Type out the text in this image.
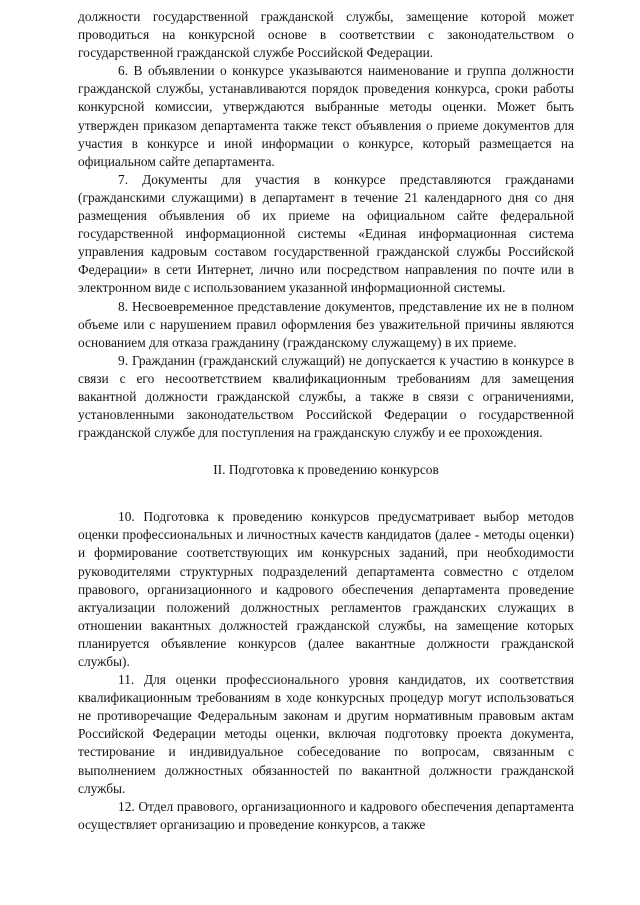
должности государственной гражданской службы, замещение которой может проводиться на конкурсной основе в соответствии с законодательством о государственной гражданской службе Российской Федерации.

6. В объявлении о конкурсе указываются наименование и группа должности гражданской службы, устанавливаются порядок проведения конкурса, сроки работы конкурсной комиссии, утверждаются выбранные методы оценки. Может быть утвержден приказом департамента также текст объявления о приеме документов для участия в конкурсе и иной информации о конкурсе, который размещается на официальном сайте департамента.

7. Документы для участия в конкурсе представляются гражданами (гражданскими служащими) в департамент в течение 21 календарного дня со дня размещения объявления об их приеме на официальном сайте федеральной государственной информационной системы «Единая информационная система управления кадровым составом государственной гражданской службы Российской Федерации» в сети Интернет, лично или посредством направления по почте или в электронном виде с использованием указанной информационной системы.

8. Несвоевременное представление документов, представление их не в полном объеме или с нарушением правил оформления без уважительной причины являются основанием для отказа гражданину (гражданскому служащему) в их приеме.

9. Гражданин (гражданский служащий) не допускается к участию в конкурсе в связи с его несоответствием квалификационным требованиям для замещения вакантной должности гражданской службы, а также в связи с ограничениями, установленными законодательством Российской Федерации о государственной гражданской службе для поступления на гражданскую службу и ее прохождения.

II. Подготовка к проведению конкурсов

10. Подготовка к проведению конкурсов предусматривает выбор методов оценки профессиональных и личностных качеств кандидатов (далее - методы оценки) и формирование соответствующих им конкурсных заданий, при необходимости руководителями структурных подразделений департамента совместно с отделом правового, организационного и кадрового обеспечения департамента проведение актуализации положений должностных регламентов гражданских служащих в отношении вакантных должностей гражданской службы, на замещение которых планируется объявление конкурсов (далее вакантные должности гражданской службы).

11. Для оценки профессионального уровня кандидатов, их соответствия квалификационным требованиям в ходе конкурсных процедур могут использоваться не противоречащие Федеральным законам и другим нормативным правовым актам Российской Федерации методы оценки, включая подготовку проекта документа, тестирование и индивидуальное собеседование по вопросам, связанным с выполнением должностных обязанностей по вакантной должности гражданской службы.

12. Отдел правового, организационного и кадрового обеспечения департамента осуществляет организацию и проведение конкурсов, а также
